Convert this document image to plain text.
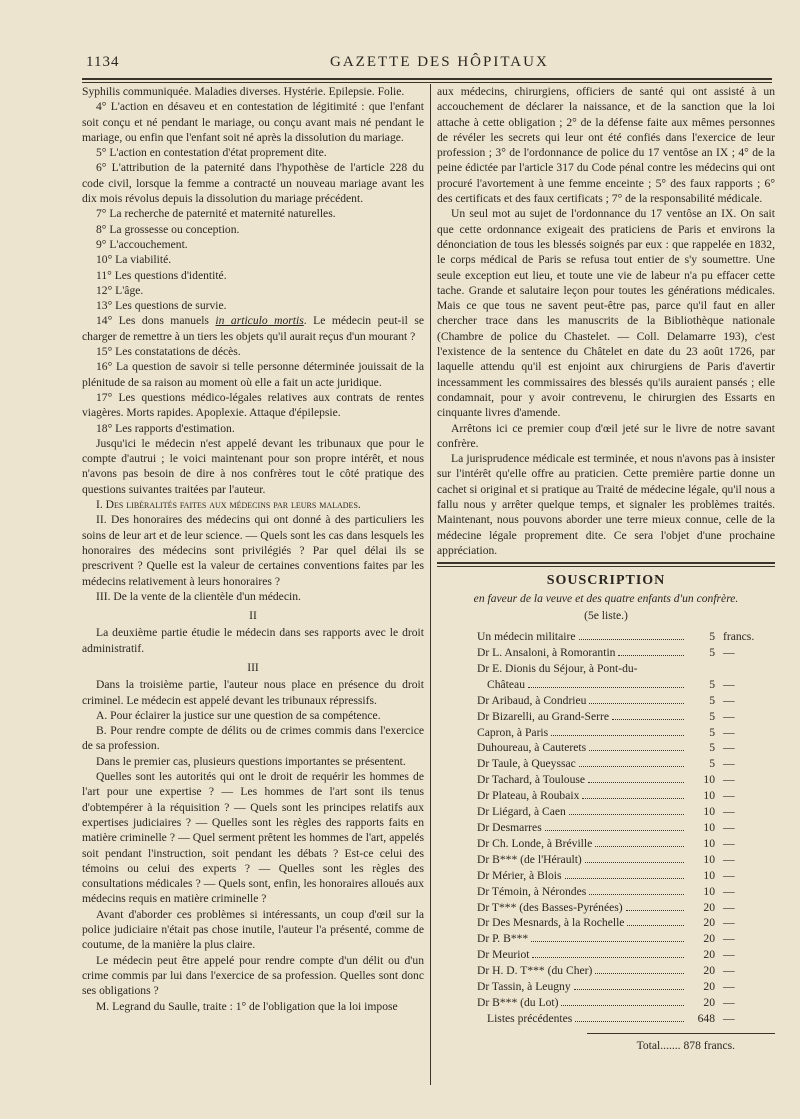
1134	GAZETTE DES HÔPITAUX

Syphilis communiquée. Maladies diverses. Hystérie. Epilepsie. Folie.

4° L'action en désaveu et en contestation de légitimité : que l'enfant soit conçu et né pendant le mariage, ou conçu avant mais né pendant le mariage, ou enfin que l'enfant soit né après la dissolution du mariage.

5° L'action en contestation d'état proprement dite.

6° L'attribution de la paternité dans l'hypothèse de l'article 228 du code civil, lorsque la femme a contracté un nouveau mariage avant les dix mois révolus depuis la dissolution du mariage précédent.

7° La recherche de paternité et maternité naturelles.

8° La grossesse ou conception.

9° L'accouchement.

10° La viabilité.

11° Les questions d'identité.

12° L'âge.

13° Les questions de survie.

14° Les dons manuels in articulo mortis. Le médecin peut-il se charger de remettre à un tiers les objets qu'il aurait reçus d'un mourant ?

15° Les constatations de décès.

16° La question de savoir si telle personne déterminée jouissait de la plénitude de sa raison au moment où elle a fait un acte juridique.

17° Les questions médico-légales relatives aux contrats de rentes viagères. Morts rapides. Apoplexie. Attaque d'épilepsie.

18° Les rapports d'estimation.

Jusqu'ici le médecin n'est appelé devant les tribunaux que pour le compte d'autrui ; le voici maintenant pour son propre intérêt, et nous n'avons pas besoin de dire à nos confrères tout le côté pratique des questions suivantes traitées par l'auteur.

I. Des libéralités faites aux médecins par leurs malades.

II. Des honoraires des médecins qui ont donné à des particuliers les soins de leur art et de leur science. — Quels sont les cas dans lesquels les honoraires des médecins sont privilégiés ? Par quel délai ils se prescrivent ? Quelle est la valeur de certaines conventions faites par les médecins relativement à leurs honoraires ?

III. De la vente de la clientèle d'un médecin.

II

La deuxième partie étudie le médecin dans ses rapports avec le droit administratif.

III

Dans la troisième partie, l'auteur nous place en présence du droit criminel. Le médecin est appelé devant les tribunaux répressifs.

A. Pour éclairer la justice sur une question de sa compétence.

B. Pour rendre compte de délits ou de crimes commis dans l'exercice de sa profession.

Dans le premier cas, plusieurs questions importantes se présentent.

Quelles sont les autorités qui ont le droit de requérir les hommes de l'art pour une expertise ? — Les hommes de l'art sont ils tenus d'obtempérer à la réquisition ? — Quels sont les principes relatifs aux expertises judiciaires ? — Quelles sont les règles des rapports faits en matière criminelle ? — Quel serment prêtent les hommes de l'art, appelés soit pendant l'instruction, soit pendant les débats ? Est-ce celui des témoins ou celui des experts ? — Quelles sont les règles des consultations médicales ? — Quels sont, enfin, les honoraires alloués aux médecins requis en matière criminelle ?

Avant d'aborder ces problèmes si intéressants, un coup d'œil sur la police judiciaire n'était pas chose inutile, l'auteur l'a présenté, comme de coutume, de la manière la plus claire.

Le médecin peut être appelé pour rendre compte d'un délit ou d'un crime commis par lui dans l'exercice de sa profession. Quelles sont donc ses obligations ?

M. Legrand du Saulle, traite : 1° de l'obligation que la loi impose

aux médecins, chirurgiens, officiers de santé qui ont assisté à un accouchement de déclarer la naissance, et de la sanction que la loi attache à cette obligation ; 2° de la défense faite aux mêmes personnes de révéler les secrets qui leur ont été confiés dans l'exercice de leur profession ; 3° de l'ordonnance de police du 17 ventôse an IX ; 4° de la peine édictée par l'article 317 du Code pénal contre les médecins qui ont procuré l'avortement à une femme enceinte ; 5° des faux rapports ; 6° des certificats et des faux certificats ; 7° de la responsabilité médicale.

Un seul mot au sujet de l'ordonnance du 17 ventôse an IX. On sait que cette ordonnance exigeait des praticiens de Paris et environs la dénonciation de tous les blessés soignés par eux : que rappelée en 1832, le corps médical de Paris se refusa tout entier de s'y soumettre. Une seule exception eut lieu, et toute une vie de labeur n'a pu effacer cette tache. Grande et salutaire leçon pour toutes les générations médicales. Mais ce que tous ne savent peut-être pas, parce qu'il faut en aller chercher trace dans les manuscrits de la Bibliothèque nationale (Chambre de police du Chastelet. — Coll. Delamarre 193), c'est l'existence de la sentence du Châtelet en date du 23 août 1726, par laquelle attendu qu'il est enjoint aux chirurgiens de Paris d'avertir incessamment les commissaires des blessés qu'ils auraient pansés ; elle condamnait, pour y avoir contrevenu, le chirurgien des Essarts en cinquante livres d'amende.

Arrêtons ici ce premier coup d'œil jeté sur le livre de notre savant confrère.

La jurisprudence médicale est terminée, et nous n'avons pas à insister sur l'intérêt qu'elle offre au praticien. Cette première partie donne un cachet si original et si pratique au Traité de médecine légale, qu'il nous a fallu nous y arrêter quelque temps, et signaler les problèmes traités. Maintenant, nous pouvons aborder une terre mieux connue, celle de la médecine légale proprement dite. Ce sera l'objet d'une prochaine appréciation.

SOUSCRIPTION

en faveur de la veuve et des quatre enfants d'un confrère.

(5e liste.)

Un médecin militaire	5 francs.
Dr L. Ansaloni, à Romorantin	5 —
Dr E. Dionis du Séjour, à Pont-du-
Château	5 —
Dr Aribaud, à Condrieu	5 —
Dr Bizarelli, au Grand-Serre	5 —
Capron, à Paris	5 —
Duhoureau, à Cauterets	5 —
Dr Taule, à Queyssac	5 —
Dr Tachard, à Toulouse	10 —
Dr Plateau, à Roubaix	10 —
Dr Liégard, à Caen	10 —
Dr Desmarres	10 —
Dr Ch. Londe, à Bréville	10 —
Dr B*** (de l'Hérault)	10 —
Dr Mérier, à Blois	10 —
Dr Témoin, à Nérondes	10 —
Dr T*** (des Basses-Pyrénées)	20 —
Dr Des Mesnards, à la Rochelle	20 —
Dr P. B***	20 —
Dr Meuriot	20 —
Dr H. D. T*** (du Cher)	20 —
Dr Tassin, à Leugny	20 —
Dr B*** (du Lot)	20 —
Listes précédentes	648 —

Total....... 878 francs.
